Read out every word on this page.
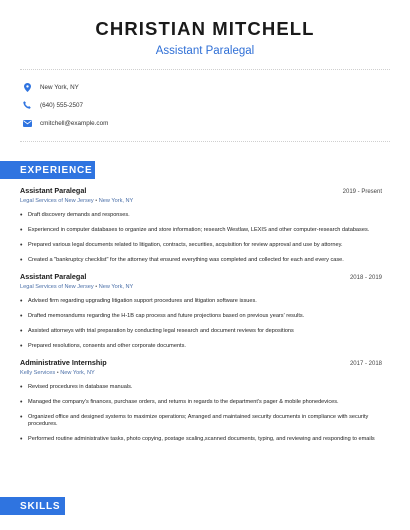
CHRISTIAN MITCHELL
Assistant Paralegal
New York, NY
(640) 555-2507
cmitchell@example.com
EXPERIENCE
Assistant Paralegal	2019 - Present
Legal Services of New Jersey • New York, NY
• Draft discovery demands and responses.
• Experienced in computer databases to organize and store information; research Westlaw, LEXIS and other computer-research databases.
• Prepared various legal documents related to litigation, contracts, securities, acquisition for review approval and use by attorney.
• Created a "bankruptcy checklist" for the attorney that ensured everything was completed and collected for each and every case.
Assistant Paralegal	2018 - 2019
Legal Services of New Jersey • New York, NY
• Advised firm regarding upgrading litigation support procedures and litigation software issues.
• Drafted memorandums regarding the H-1B cap process and future projections based on previous years' results.
• Assisted attorneys with trial preparation by conducting legal research and document reviews for depositions
• Prepared resolutions, consents and other corporate documents.
Administrative Internship	2017 - 2018
Kelly Services • New York, NY
• Revised procedures in database manuals.
• Managed the company's finances, purchase orders, and returns in regards to the department's pager & mobile phonedevices.
• Organized office and designed systems to maximize operations; Arranged and maintained security documents in compliance with security procedures.
• Performed routine administrative tasks, photo copying, postage scaling,scanned documents, typing, and reviewing and responding to emails
SKILLS
